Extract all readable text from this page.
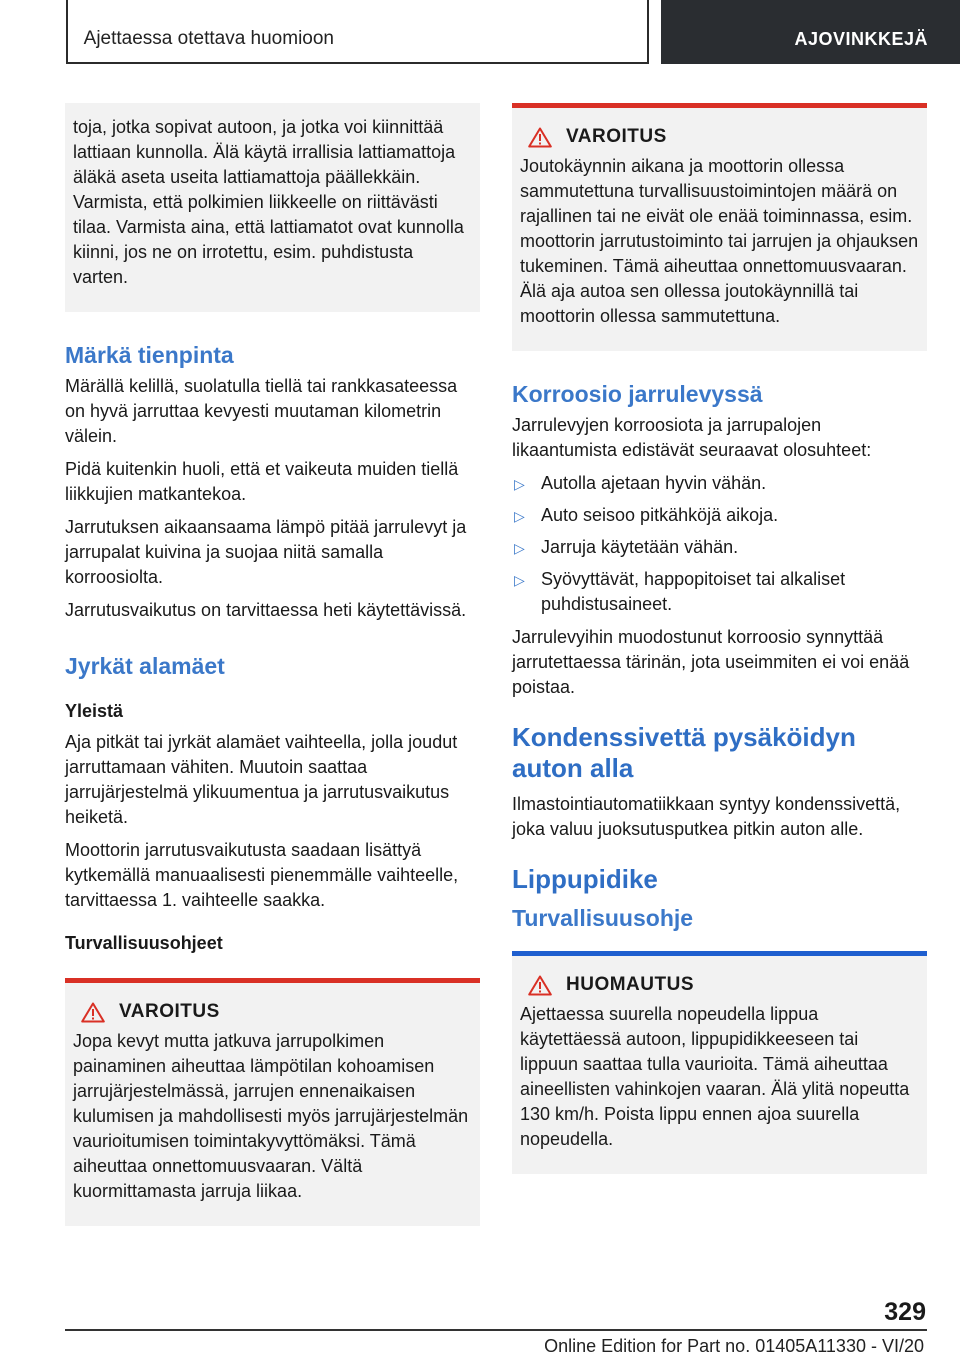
Ajettaessa otettava huomioon	AJOVINKKEJÄ

toja, jotka sopivat autoon, ja jotka voi kiinnittää lattiaan kunnolla. Älä käytä irrallisia lattiamattoja äläkä aseta useita lattiamattoja päällekkäin. Varmista, että polkimien liikkeelle on riittävästi tilaa. Varmista aina, että lattiamatot ovat kunnolla kiinni, jos ne on irrotettu, esim. puhdistusta varten.

Märkä tienpinta

Märällä kelillä, suolatulla tiellä tai rankkasateessa on hyvä jarruttaa kevyesti muutaman kilometrin välein.

Pidä kuitenkin huoli, että et vaikeuta muiden tiellä liikkujien matkantekoa.

Jarrutuksen aikaansaama lämpö pitää jarrulevyt ja jarrupalat kuivina ja suojaa niitä samalla korroosiolta.

Jarrutusvaikutus on tarvittaessa heti käytettävissä.

Jyrkät alamäet
Yleistä

Aja pitkät tai jyrkät alamäet vaihteella, jolla joudut jarruttamaan vähiten. Muutoin saattaa jarrujärjestelmä ylikuumentua ja jarrutusvaikutus heiketä.

Moottorin jarrutusvaikutusta saadaan lisättyä kytkemällä manuaalisesti pienemmälle vaihteelle, tarvittaessa 1. vaihteelle saakka.

Turvallisuusohjeet
VAROITUS

Jopa kevyt mutta jatkuva jarrupolkimen painaminen aiheuttaa lämpötilan kohoamisen jarrujärjestelmässä, jarrujen ennenaikaisen kulumisen ja mahdollisesti myös jarrujärjestelmän vaurioitumisen toimintakyvyttömäksi. Tämä aiheuttaa onnettomuusvaaran. Vältä kuormittamasta jarruja liikaa.

VAROITUS

Joutokäynnin aikana ja moottorin ollessa sammutettuna turvallisuustoimintojen määrä on rajallinen tai ne eivät ole enää toiminnassa, esim. moottorin jarrutustoiminto tai jarrujen ja ohjauksen tukeminen. Tämä aiheuttaa onnettomuusvaaran. Älä aja autoa sen ollessa joutokäynnillä tai moottorin ollessa sammutettuna.

Korroosio jarrulevyssä

Jarrulevyjen korroosiota ja jarrupalojen likaantumista edistävät seuraavat olosuhteet:

▷ Autolla ajetaan hyvin vähän.
▷ Auto seisoo pitkähköjä aikoja.
▷ Jarruja käytetään vähän.
▷ Syövyttävät, happopitoiset tai alkaliset puhdistusaineet.

Jarrulevyihin muodostunut korroosio synnyttää jarrutettaessa tärinän, jota useimmiten ei voi enää poistaa.

Kondenssivettä pysäköidyn auton alla

Ilmastointiautomatiikkaan syntyy kondenssivettä, joka valuu juoksutusputkea pitkin auton alle.

Lippupidike
Turvallisuusohje
HUOMAUTUS

Ajettaessa suurella nopeudella lippua käytettäessä autoon, lippupidikkeeseen tai lippuun saattaa tulla vaurioita. Tämä aiheuttaa aineellisten vahinkojen vaaran. Älä ylitä nopeutta 130 km/h. Poista lippu ennen ajoa suurella nopeudella.

329
Online Edition for Part no. 01405A11330 - VI/20
